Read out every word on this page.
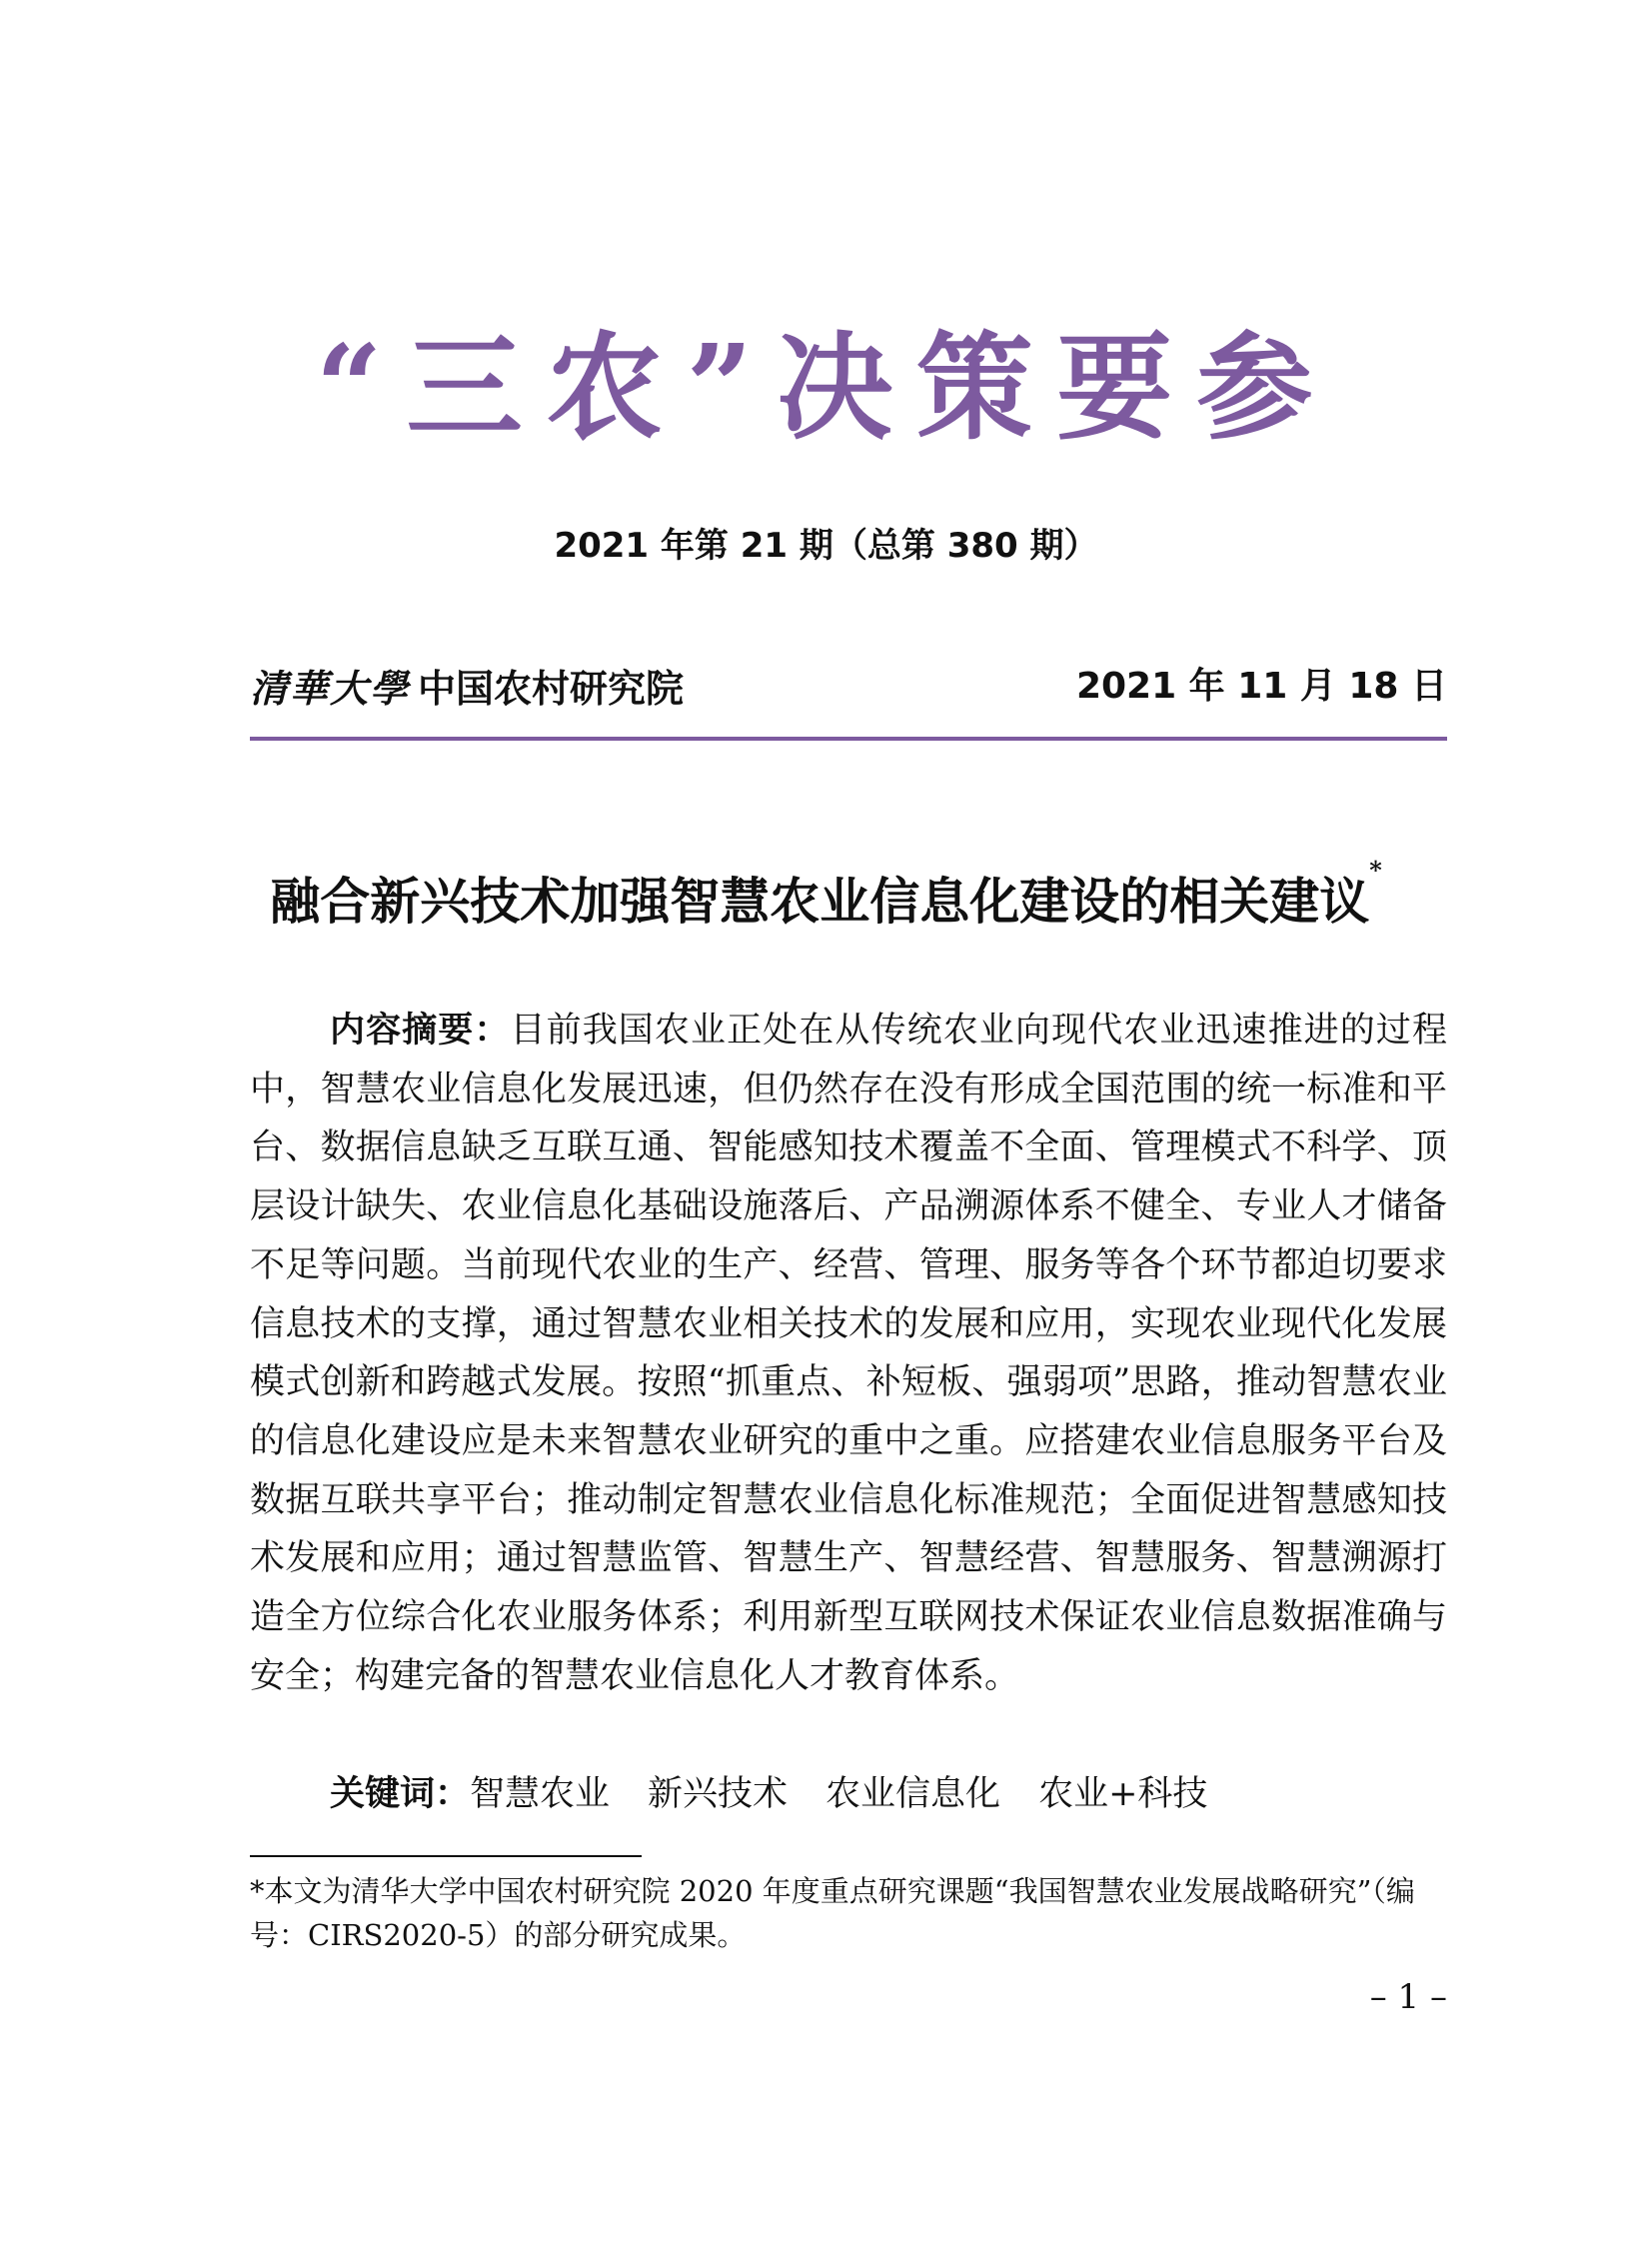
“三农”决策要参
2021 年第 21 期（总第 380 期）
清華大學 中国农村研究院	2021 年 11 月 18 日
融合新兴技术加强智慧农业信息化建设的相关建议*

内容摘要：目前我国农业正处在从传统农业向现代农业迅速推进的过程中，智慧农业信息化发展迅速，但仍然存在没有形成全国范围的统一标准和平台、数据信息缺乏互联互通、智能感知技术覆盖不全面、管理模式不科学、顶层设计缺失、农业信息化基础设施落后、产品溯源体系不健全、专业人才储备不足等问题。当前现代农业的生产、经营、管理、服务等各个环节都迫切要求信息技术的支撑，通过智慧农业相关技术的发展和应用，实现农业现代化发展模式创新和跨越式发展。按照“抓重点、补短板、强弱项”思路，推动智慧农业的信息化建设应是未来智慧农业研究的重中之重。应搭建农业信息服务平台及数据互联共享平台；推动制定智慧农业信息化标准规范；全面促进智慧感知技术发展和应用；通过智慧监管、智慧生产、智慧经营、智慧服务、智慧溯源打造全方位综合化农业服务体系；利用新型互联网技术保证农业信息数据准确与安全；构建完备的智慧农业信息化人才教育体系。

关键词：智慧农业 新兴技术 农业信息化 农业+科技

*本文为清华大学中国农村研究院 2020 年度重点研究课题“我国智慧农业发展战略研究”（编号：CIRS2020-5）的部分研究成果。

– 1 –
